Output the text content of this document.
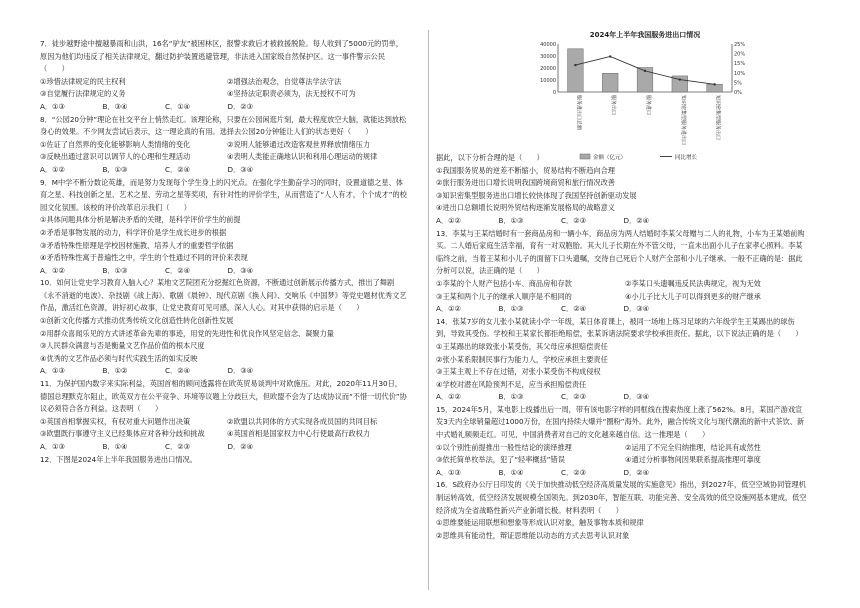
7．徒步越野途中擅越暴雨和山洪，16名“驴友”被困林区，报警求救后才被救援脱险。每人收到了5000元的罚单，原因为他们均违反了相关法律规定，翻过防护装置逃避管理，非法进入国家级自然保护区。这一事件警示公民（　　）

①珍惜法律规定的民主权利	②增强法治观念，自觉尊法学法守法
③自觉履行法律规定的义务	④坚持法定职责必须为，法无授权不可为
A．①③	B．③④	C．①④	D．②③

8．“公园20分钟”理论在社交平台上悄然走红。该理论称，只要在公园闲逛片刻，最大程度放空大脑，就能达到放松身心的效果。不少网友尝试后表示，这一理论真的有用。选择去公园20分钟能让人们的状态更好（　　）

①佐证了自然界的变化能够影响人类情绪的变化	②说明人能够通过改造客观世界释放情绪压力
③反映出通过意识可以调节人的心理和生理活动	④表明人类能正确地认识和利用心理运动的规律
A．①②	B．①③	C．②④	D．③④

9．M中学不断分数论英雄，而是努力发现每个学生身上的闪光点。在强化学生勤奋学习的同时，设置道德之星、体育之星、科技创新之星、艺术之星、劳动之星等奖项，有针对性的评价学生，从而营造了“人人有才，个个成才”的校园文化氛围。该校的评价改革启示我们（　　）

①具体问题具体分析是解决矛盾的关键，是科学评价学生的前提

②矛盾是事物发展的动力，科学评价是学生成长进步的根据

③矛盾特殊性原理是学校因材施教、培养人才的重要哲学依据

④矛盾特殊性寓于普遍性之中，学生的个性通过不同的评价来表现

A．①②	B．①③	C．②④	D．③④

10．如何让党史学习教育入脑入心？某地文艺院团充分挖掘红色资源，不断通过创新展示传播方式，推出了舞剧《永不消逝的电波》、杂技剧《战上海》、歌剧《晨钟》、现代京剧《换人间》、交响乐《中国梦》等党史题材优秀文艺作品，激活红色资源，讲好初心故事，让党史教育可见可感，深入人心。对其中获得的启示是（　　）

①创新文化传播方式推动优秀传统文化创造性转化创新性发展

②用群众喜闻乐见的方式讲述革命先辈的事迹，用党的先进性和优良作风坚定信念、凝聚力量

③人民群众满意与否是衡量文艺作品价值的根本尺度

④优秀的文艺作品必须与时代实践生活的如实反映

A．①③	B．①②	C．②④	D．③④

11．为保护国内数字来实际利益，英国首相的顾问透露将在欧英贸易谈判中对欧施压。对此，2020年11月30日，德国总理默克尔阻止，欧英双方在公平竞争、环境等议题上分歧巨大，但欧盟不会为了达成协议而“不惜一切代价”协议必须符合各方利益。这表明（　　）

①英国首相掌握实权，有权对重大问题作出决策	②欧盟以共同体的方式实现各成员国的共同目标
③欧盟既行事遵守主义已经集体应对各种分歧和挑战	④英国首相是国家权力中心行使最高行政权力
A．①③	B．①④	C．②③	D．②④

12．下图是2024年上半年我国服务进出口情况。

2024年上半年我国服务进出口情况
0
10000
20000
30000
40000
0%
5%
10%
15%
20%
25%
服务进出口总额	服务出口	服务进口	知识密集型服务进出口	知识密集型服务出口
金额（亿元）	同比增长

据此，以下分析合理的是（　　）

①我国服务贸易的逆差不断缩小，贸易结构不断趋向合理

②旅行服务进出口增长说明我国跨境商贸和旅行情况改善

③知识密集型服务进出口增长较快体现了我国坚持创新驱动发展

④进出口总额增长说明外贸结构逐渐发展格局的战略意义

A．①②	B．①③	C．②③	D．②④

13．李某与王某结婚时有一套商品房和一辆小车，商品房为两人结婚时李某父母赠与二人的礼物，小车为王某婚前购买。二人婚后家庭生活幸福，育有一对双胞胎。其大儿子长期在外不管父母，一直未出面小儿子在家孝心照料。李某临终之前，当着王某和小儿子的面留下口头遗嘱，交待自己死后个人财产全部和小儿子继承。一般不正确的是：据此分析可以说，法正确的是（　　）

①李某的个人财产包括小车、商品房和存款	②李某口头遗嘱违反民法典规定，视为无效
③王某和两个儿子的继承人顺序是不相同的	④小儿子比大儿子可以得到更多的财产继承
A．①②	B．①③	C．②④	D．③④

14．张某7岁的女儿张小某就读小学一年级，某日体育课上，被同一场地上练习足球的六年级学生王某踢出的球伤到，导致其受伤。学校和王某家长都拒绝赔偿，张某诉诸法院要求学校承担责任。据此，以下说法正确的是（　　）

①王某踢出的球致张小某受伤，其父母应承担赔偿责任

②张小某系限制民事行为能力人，学校应承担主要责任

③王某主观上不存在过错，对张小某受伤不构成侵权

④学校对潜在风险预判不足，应当承担赔偿责任

A．①②	B．①③	C．②③	D．③④

15．2024年5月，某电影上线播出后一周，带有该电影字样的同框线在搜索热度上涨了562%。8月，某国产游戏宣发3天内全球销量超过1000万份，在国内持续大爆并“圈粉”海外。此外，融合传统文化与现代潮流的新中式茶饮、新中式婚礼频频走红。可见，中国消费者对自己的文化越来越自信。这一推理是（　　）

①以个别性前提推出一般性结论的演绎推理	②运用了不完全归纳推理，结论具有或然性
③依托简单枚举法，犯了“轻率概括”错误	④通过分析事物间因果联系提高推理可靠度
A．①③	B．①④	C．②③	D．②④

16．S政府办公厅日印发的《关于加快推动低空经济高质量发展的实施意见》指出，到2027年，低空空域协同管理机制运转高效，低空经济发展规模全国领先。到2030年，智能互联、功能完善、安全高效的低空设施网基本建成，低空经济成为全省战略性新兴产业新增长极。材料表明（　　）

①思维要能运用联想和想象等形成认识对象，触及事物本质和规律

②思维具有能动性，辩证思维能以动态的方式去思考认识对象
